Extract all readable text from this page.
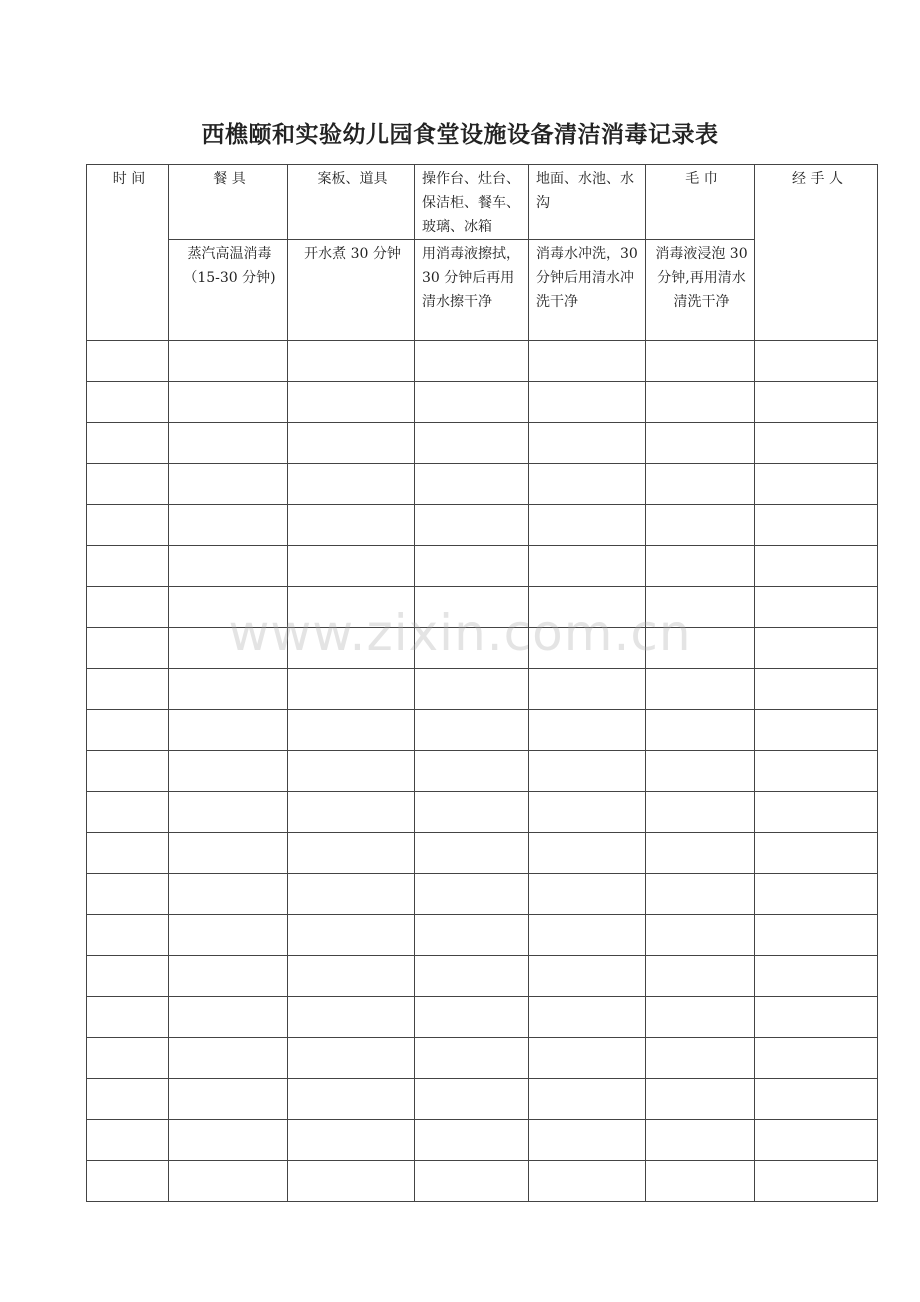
西樵颐和实验幼儿园食堂设施设备清洁消毒记录表
时 间	餐 具	案板、道具	操作台、灶台、保洁柜、餐车、玻璃、冰箱	地面、水池、水沟	毛 巾	经 手 人
	蒸汽高温消毒（15-30 分钟)	开水煮 30 分钟	用消毒液擦拭，30 分钟后再用清水擦干净	消毒水冲洗，30 分钟后用清水冲洗干净	消毒液浸泡 30 分钟,再用清水清洗干净	

www.zixin.com.cn
